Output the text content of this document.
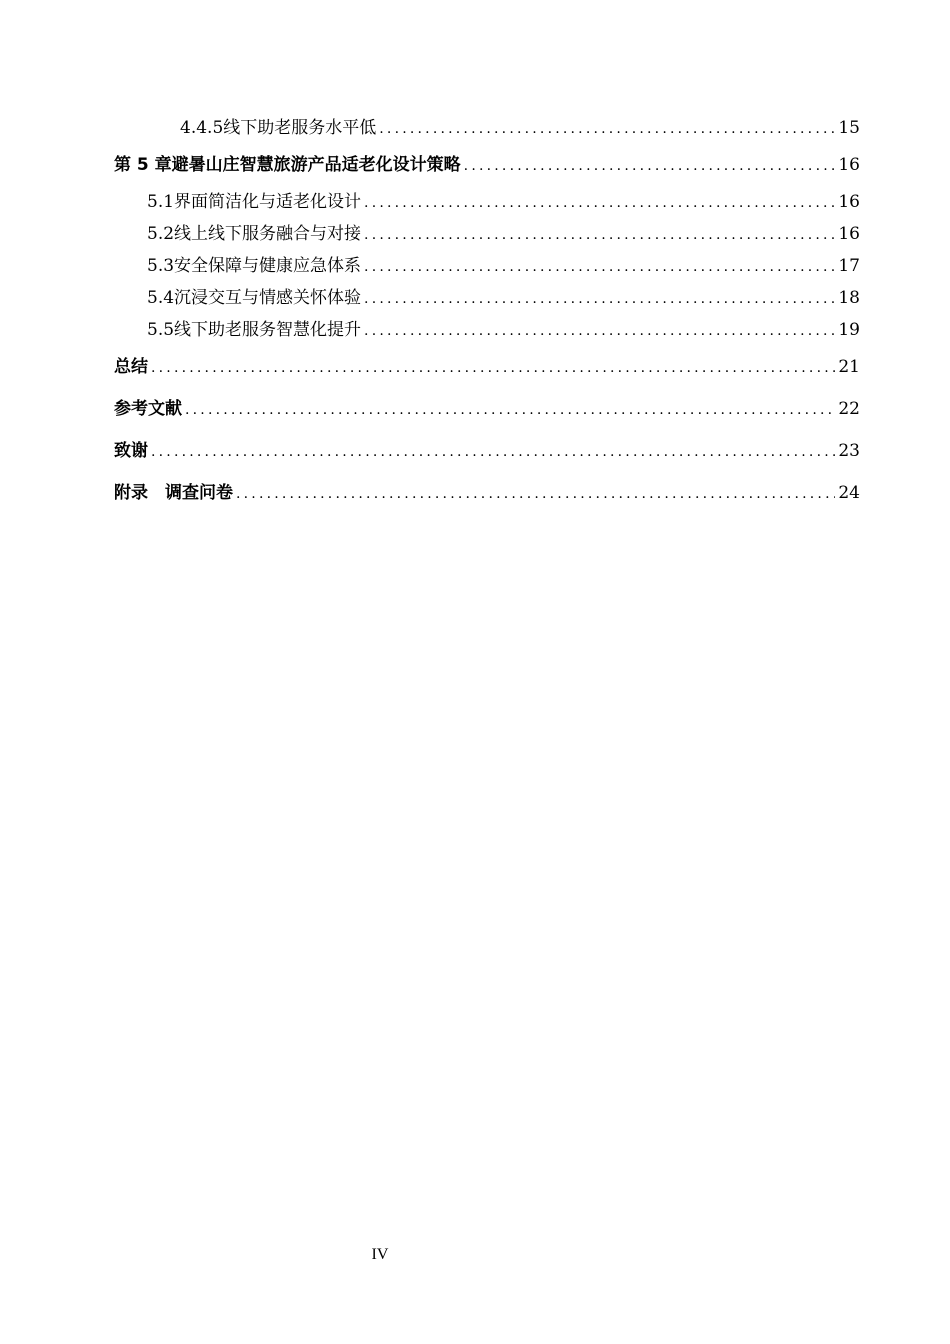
4.4.5 线下助老服务水平低 .....	15
第 5 章 避暑山庄智慧旅游产品适老化设计策略 .....	16
5.1 界面简洁化与适老化设计 .....	16
5.2 线上线下服务融合与对接 .....	16
5.3 安全保障与健康应急体系 .....	17
5.4 沉浸交互与情感关怀体验 .....	18
5.5 线下助老服务智慧化提升 .....	19
总结 .....	21
参考文献 .....	22
致谢 .....	23
附录　调查问卷 .....	24
IV
